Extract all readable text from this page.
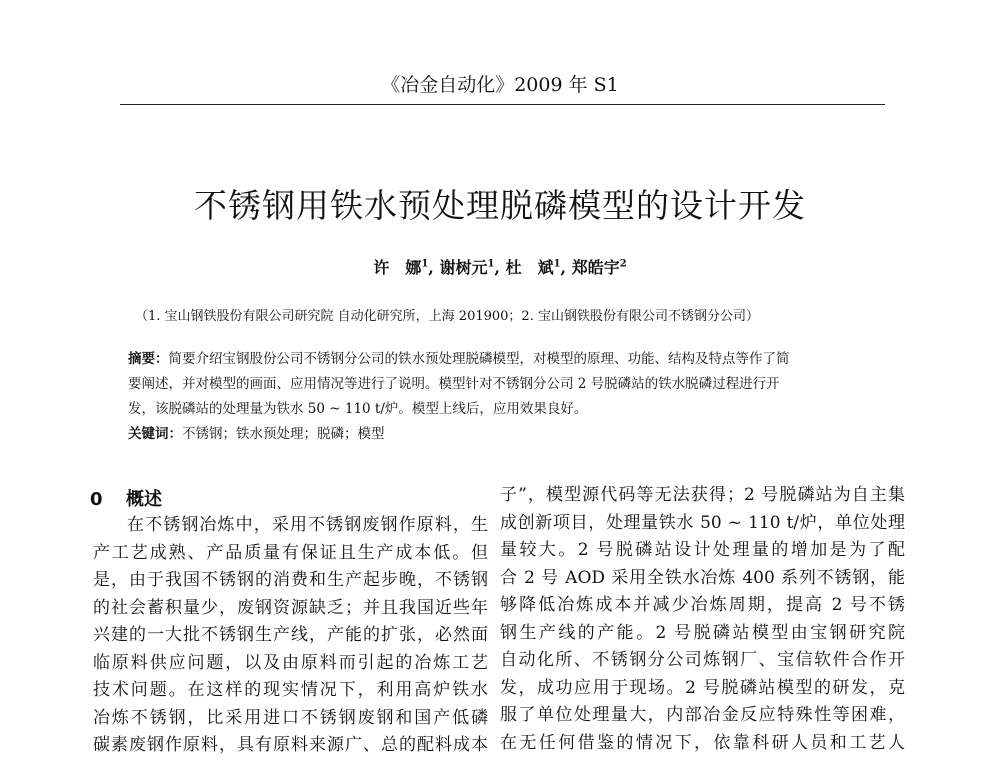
《冶金自动化》2009 年 S1
不锈钢用铁水预处理脱磷模型的设计开发
许　娜$^1$, 谢树元$^1$, 杜　斌$^1$, 郑皓宇$^2$
（1. 宝山钢铁股份有限公司研究院 自动化研究所，上海 201900；2. 宝山钢铁股份有限公司不锈钢分公司）
摘要：简要介绍宝钢股份公司不锈钢分公司的铁水预处理脱磷模型，对模型的原理、功能、结构及特点等作了简
要阐述，并对模型的画面、应用情况等进行了说明。模型针对不锈钢分公司 2 号脱磷站的铁水脱磷过程进行开
发，该脱磷站的处理量为铁水 50 ~ 110 t/炉。模型上线后，应用效果良好。
关键词：不锈钢；铁水预处理；脱磷；模型
0 概述
在不锈钢冶炼中，采用不锈钢废钢作原料，生
产工艺成熟、产品质量有保证且生产成本低。但
是，由于我国不锈钢的消费和生产起步晚，不锈钢
的社会蓄积量少，废钢资源缺乏；并且我国近些年
兴建的一大批不锈钢生产线，产能的扩张，必然面
临原料供应问题，以及由原料而引起的冶炼工艺
技术问题。在这样的现实情况下，利用高炉铁水
冶炼不锈钢，比采用进口不锈钢废钢和国产低磷
碳素废钢作原料，具有原料来源广、总的配料成本
子”，模型源代码等无法获得；2 号脱磷站为自主集
成创新项目，处理量铁水 50 ~ 110 t/炉，单位处理
量较大。2 号脱磷站设计处理量的增加是为了配
合 2 号 AOD 采用全铁水冶炼 400 系列不锈钢，能
够降低冶炼成本并减少冶炼周期，提高 2 号不锈
钢生产线的产能。2 号脱磷站模型由宝钢研究院
自动化所、不锈钢分公司炼钢厂、宝信软件合作开
发，成功应用于现场。2 号脱磷站模型的研发，克
服了单位处理量大，内部冶金反应特殊性等困难，
在无任何借鉴的情况下，依靠科研人员和工艺人
